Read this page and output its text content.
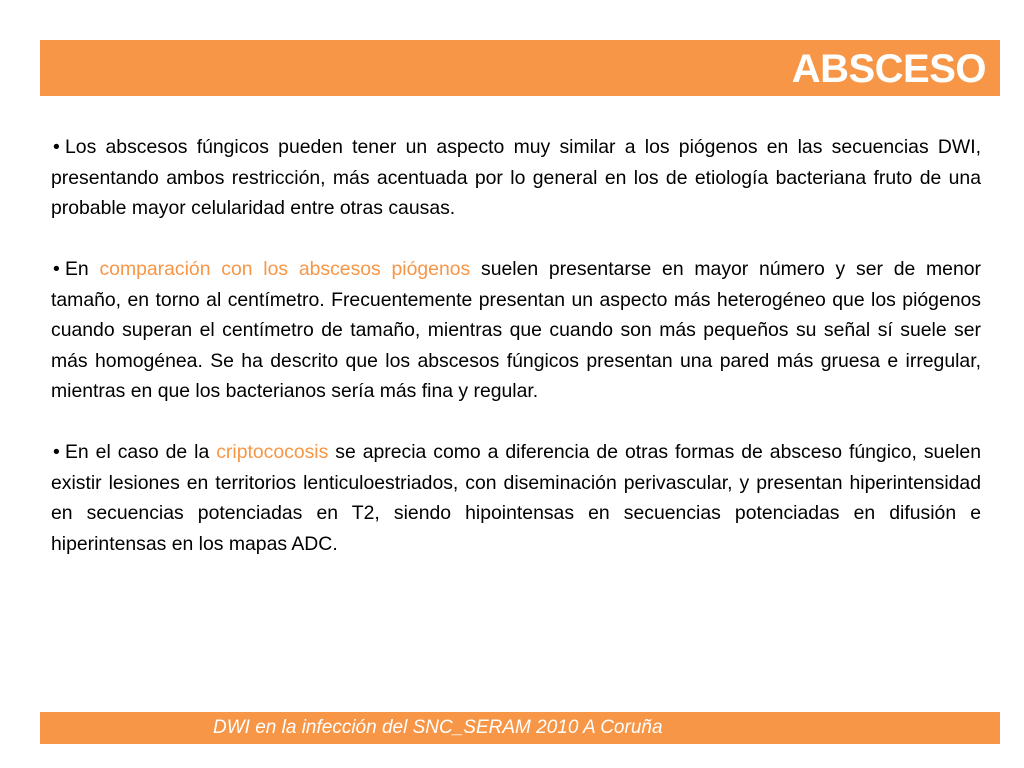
ABSCESO

• Los abscesos fúngicos pueden tener un aspecto muy similar a los piógenos en las secuencias DWI, presentando ambos restricción, más acentuada por lo general en los de etiología bacteriana fruto de una probable mayor celularidad entre otras causas.

• En comparación con los abscesos piógenos suelen presentarse en mayor número y ser de menor tamaño, en torno al centímetro. Frecuentemente presentan un aspecto más heterogéneo que los piógenos cuando superan el centímetro de tamaño, mientras que cuando son más pequeños su señal sí suele ser más homogénea. Se ha descrito que los abscesos fúngicos presentan una pared más gruesa e irregular, mientras en que los bacterianos sería más fina y regular.

• En el caso de la criptococosis se aprecia como a diferencia de otras formas de absceso fúngico, suelen existir lesiones en territorios lenticuloestriados, con diseminación perivascular, y presentan hiperintensidad en secuencias potenciadas en T2, siendo hipointensas en secuencias potenciadas en difusión e hiperintensas en los mapas ADC.

DWI en la infección del SNC_SERAM 2010 A Coruña
